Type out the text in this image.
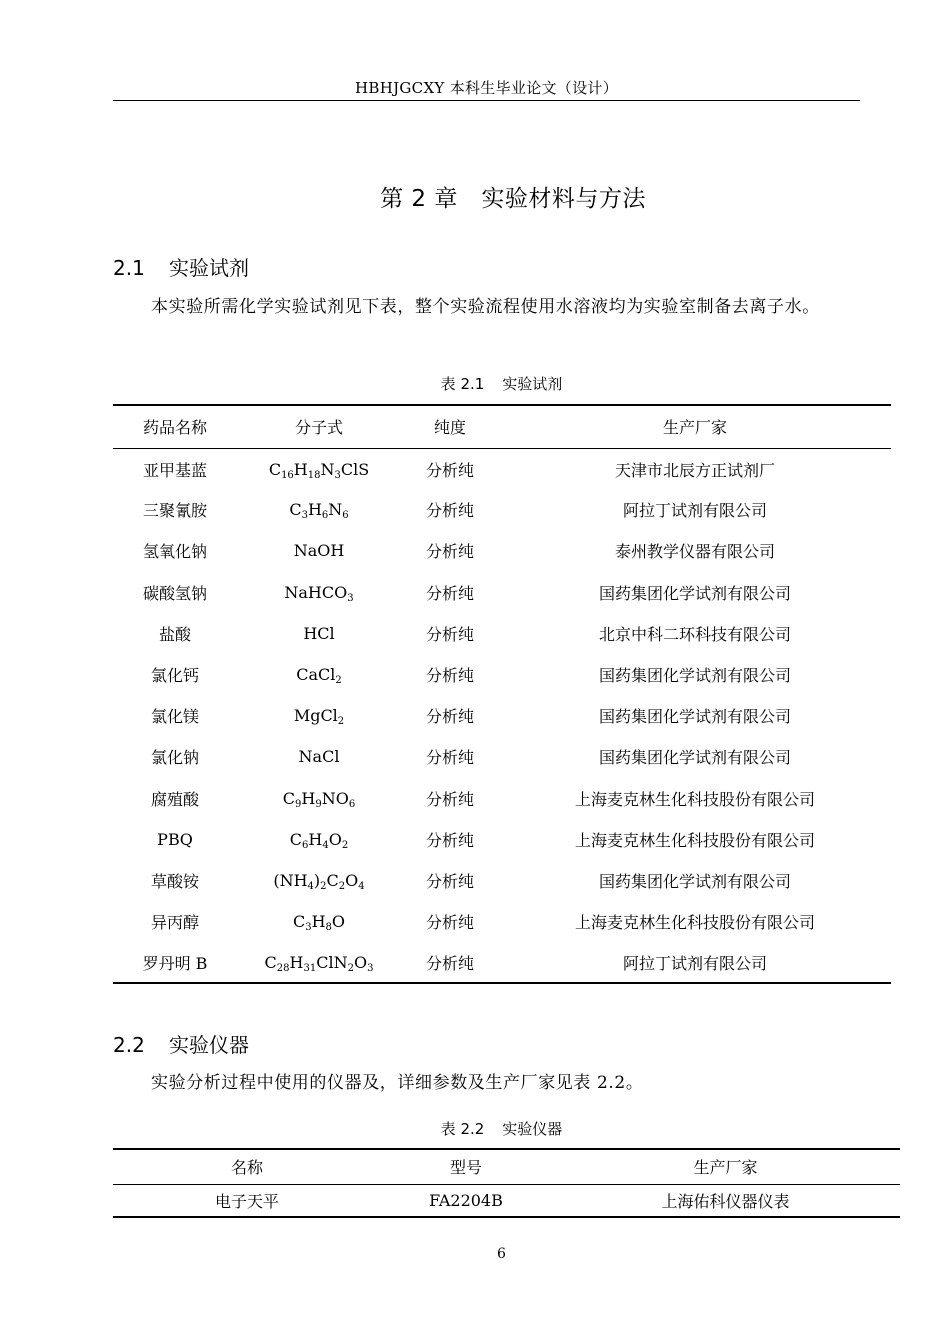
HBHJGCXY 本科生毕业论文（设计）
第 2 章　实验材料与方法
2.1 实验试剂
本实验所需化学实验试剂见下表，整个实验流程使用水溶液均为实验室制备去离子水。
表 2.1 实验试剂
药品名称	分子式	纯度	生产厂家
亚甲基蓝	$C_{16}H_{18}N_3ClS$	分析纯	天津市北辰方正试剂厂
三聚氰胺	$C_3H_6N_6$	分析纯	阿拉丁试剂有限公司
氢氧化钠	NaOH	分析纯	泰州教学仪器有限公司
碳酸氢钠	NaHCO$_3$	分析纯	国药集团化学试剂有限公司
盐酸	HCl	分析纯	北京中科二环科技有限公司
氯化钙	CaCl$_2$	分析纯	国药集团化学试剂有限公司
氯化镁	MgCl$_2$	分析纯	国药集团化学试剂有限公司
氯化钠	NaCl	分析纯	国药集团化学试剂有限公司
腐殖酸	$C_9H_9NO_6$	分析纯	上海麦克林生化科技股份有限公司
PBQ	$C_6H_4O_2$	分析纯	上海麦克林生化科技股份有限公司
草酸铵	$(NH_4)_2C_2O_4$	分析纯	国药集团化学试剂有限公司
异丙醇	$C_3H_8O$	分析纯	上海麦克林生化科技股份有限公司
罗丹明 B	$C_{28}H_{31}ClN_2O_3$	分析纯	阿拉丁试剂有限公司
2.2 实验仪器
实验分析过程中使用的仪器及，详细参数及生产厂家见表 2.2。
表 2.2 实验仪器
名称	型号	生产厂家
电子天平	FA2204B	上海佑科仪器仪表
6
